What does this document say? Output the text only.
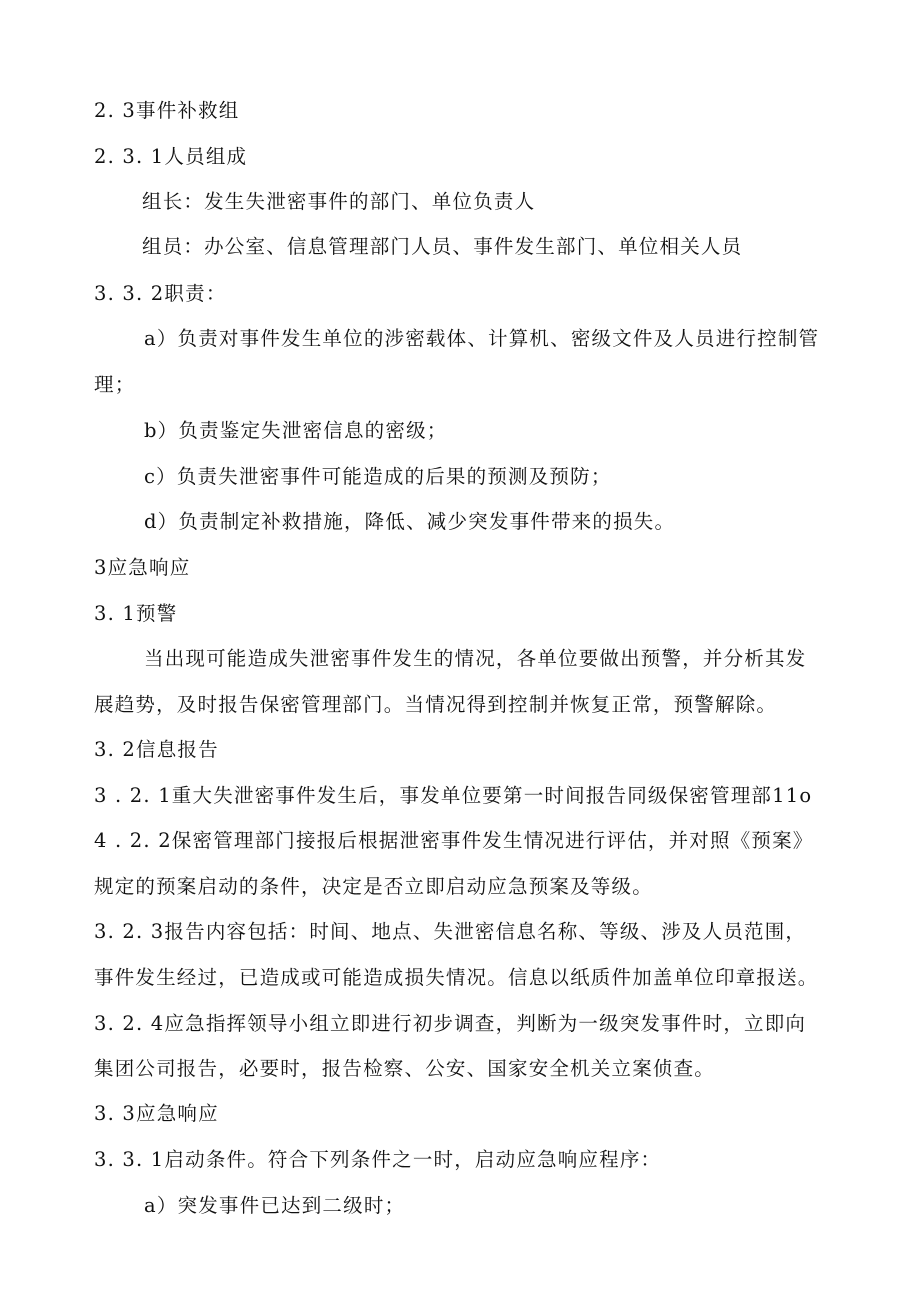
2. 3事件补救组
2. 3. 1人员组成
组长：发生失泄密事件的部门、单位负责人
组员：办公室、信息管理部门人员、事件发生部门、单位相关人员
3. 3. 2职责：
a）负责对事件发生单位的涉密载体、计算机、密级文件及人员进行控制管
理；
b）负责鉴定失泄密信息的密级；
c）负责失泄密事件可能造成的后果的预测及预防；
d）负责制定补救措施，降低、减少突发事件带来的损失。
3应急响应
3. 1预警
当出现可能造成失泄密事件发生的情况，各单位要做出预警，并分析其发
展趋势，及时报告保密管理部门。当情况得到控制并恢复正常，预警解除。
3. 2信息报告
3 . 2. 1重大失泄密事件发生后，事发单位要第一时间报告同级保密管理部11o
4 . 2. 2保密管理部门接报后根据泄密事件发生情况进行评估，并对照《预案》
规定的预案启动的条件，决定是否立即启动应急预案及等级。
3. 2. 3报告内容包括：时间、地点、失泄密信息名称、等级、涉及人员范围，
事件发生经过，已造成或可能造成损失情况。信息以纸质件加盖单位印章报送。
3. 2. 4应急指挥领导小组立即进行初步调查，判断为一级突发事件时，立即向
集团公司报告，必要时，报告检察、公安、国家安全机关立案侦查。
3. 3应急响应
3. 3. 1启动条件。符合下列条件之一时，启动应急响应程序：
a）突发事件已达到二级时；
